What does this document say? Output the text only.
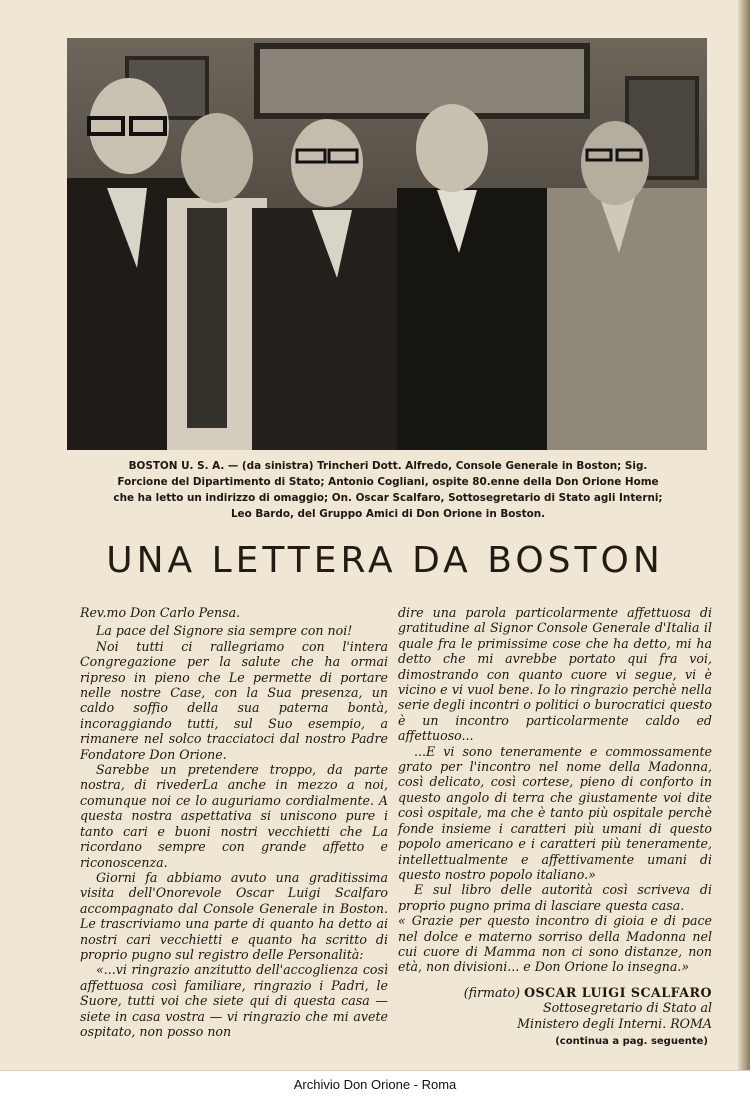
BOSTON U. S. A. — (da sinistra) Trincheri Dott. Alfredo, Console Generale in Boston; Sig.

Forcione del Dipartimento di Stato; Antonio Cogliani, ospite 80.enne della Don Orione Home

che ha letto un indirizzo di omaggio; On. Oscar Scalfaro, Sottosegretario di Stato agli Interni;

Leo Bardo, del Gruppo Amici di Don Orione in Boston.

UNA LETTERA DA BOSTON

Rev.mo Don Carlo Pensa.

La pace del Signore sia sempre con noi!

Noi tutti ci rallegriamo con l'intera Congregazione per la salute che ha ormai ripreso in pieno che Le permette di portare nelle nostre Case, con la Sua presenza, un caldo soffio della sua paterna bontà, incoraggiando tutti, sul Suo esempio, a rimanere nel solco tracciatoci dal nostro Padre Fondatore Don Orione.

Sarebbe un pretendere troppo, da parte nostra, di rivederLa anche in mezzo a noi, comunque noi ce lo auguriamo cordialmente. A questa nostra aspettativa si uniscono pure i tanto cari e buoni nostri vecchietti che La ricordano sempre con grande affetto e riconoscenza.

Giorni fa abbiamo avuto una graditissima visita dell'Onorevole Oscar Luigi Scalfaro accompagnato dal Console Generale in Boston. Le trascriviamo una parte di quanto ha detto ai nostri cari vecchietti e quanto ha scritto di proprio pugno sul registro delle Personalità:

«...vi ringrazio anzitutto dell'accoglienza così affettuosa così familiare, ringrazio i Padri, le Suore, tutti voi che siete qui di questa casa — siete in casa vostra — vi ringrazio che mi avete ospitato, non posso non

dire una parola particolarmente affettuosa di gratitudine al Signor Console Generale d'Italia il quale fra le primissime cose che ha detto, mi ha detto che mi avrebbe portato qui fra voi, dimostrando con quanto cuore vi segue, vi è vicino e vi vuol bene. Io lo ringrazio perchè nella serie degli incontri o politici o burocratici questo è un incontro particolarmente caldo ed affettuoso...

...E vi sono teneramente e commossamente grato per l'incontro nel nome della Madonna, così delicato, così cortese, pieno di conforto in questo angolo di terra che giustamente voi dite così ospitale, ma che è tanto più ospitale perchè fonde insieme i caratteri più umani di questo popolo americano e i caratteri più teneramente, intellettualmente e affettivamente umani di questo nostro popolo italiano.»

E sul libro delle autorità così scriveva di proprio pugno prima di lasciare questa casa.

« Grazie per questo incontro di gioia e di pace nel dolce e materno sorriso della Madonna nel cui cuore di Mamma non ci sono distanze, non età, non divisioni... e Don Orione lo insegna.»

(firmato) OSCAR LUIGI SCALFARO
Sottosegretario di Stato al
Ministero degli Interni. ROMA
(continua a pag. seguente)
Archivio Don Orione - Roma
